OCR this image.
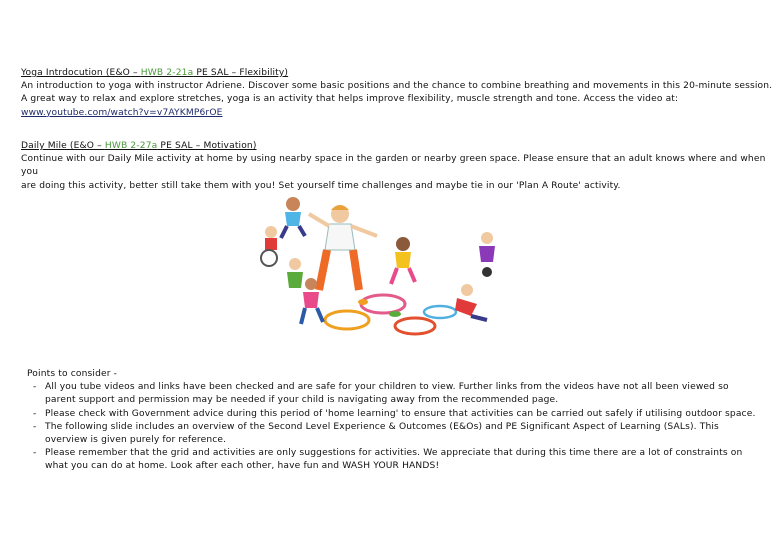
Yoga Intrdocution (E&O – HWB 2-21a PE SAL – Flexibility)
An introduction to yoga with instructor Adriene. Discover some basic positions and the chance to combine breathing and movements in this 20-minute session.
A great way to relax and explore stretches, yoga is an activity that helps improve flexibility, muscle strength and tone. Access the video at:
www.youtube.com/watch?v=v7AYKMP6rOE
Daily Mile (E&O – HWB 2-27a PE SAL – Motivation)
Continue with our Daily Mile activity at home by using nearby space in the garden or nearby green space. Please ensure that an adult knows where and when you
are doing this activity, better still take them with you! Set yourself time challenges and maybe tie in our 'Plan A Route' activity.
Points to consider -
- All you tube videos and links have been checked and are safe for your children to view. Further links from the videos have not all been viewed so parent support and permission may be needed if your child is navigating away from the recommended page.
- Please check with Government advice during this period of 'home learning' to ensure that activities can be carried out safely if utilising outdoor space.
- The following slide includes an overview of the Second Level Experience & Outcomes (E&Os) and PE Significant Aspect of Learning (SALs). This overview is given purely for reference.
- Please remember that the grid and activities are only suggestions for activities. We appreciate that during this time there are a lot of constraints on what you can do at home. Look after each other, have fun and WASH YOUR HANDS!
